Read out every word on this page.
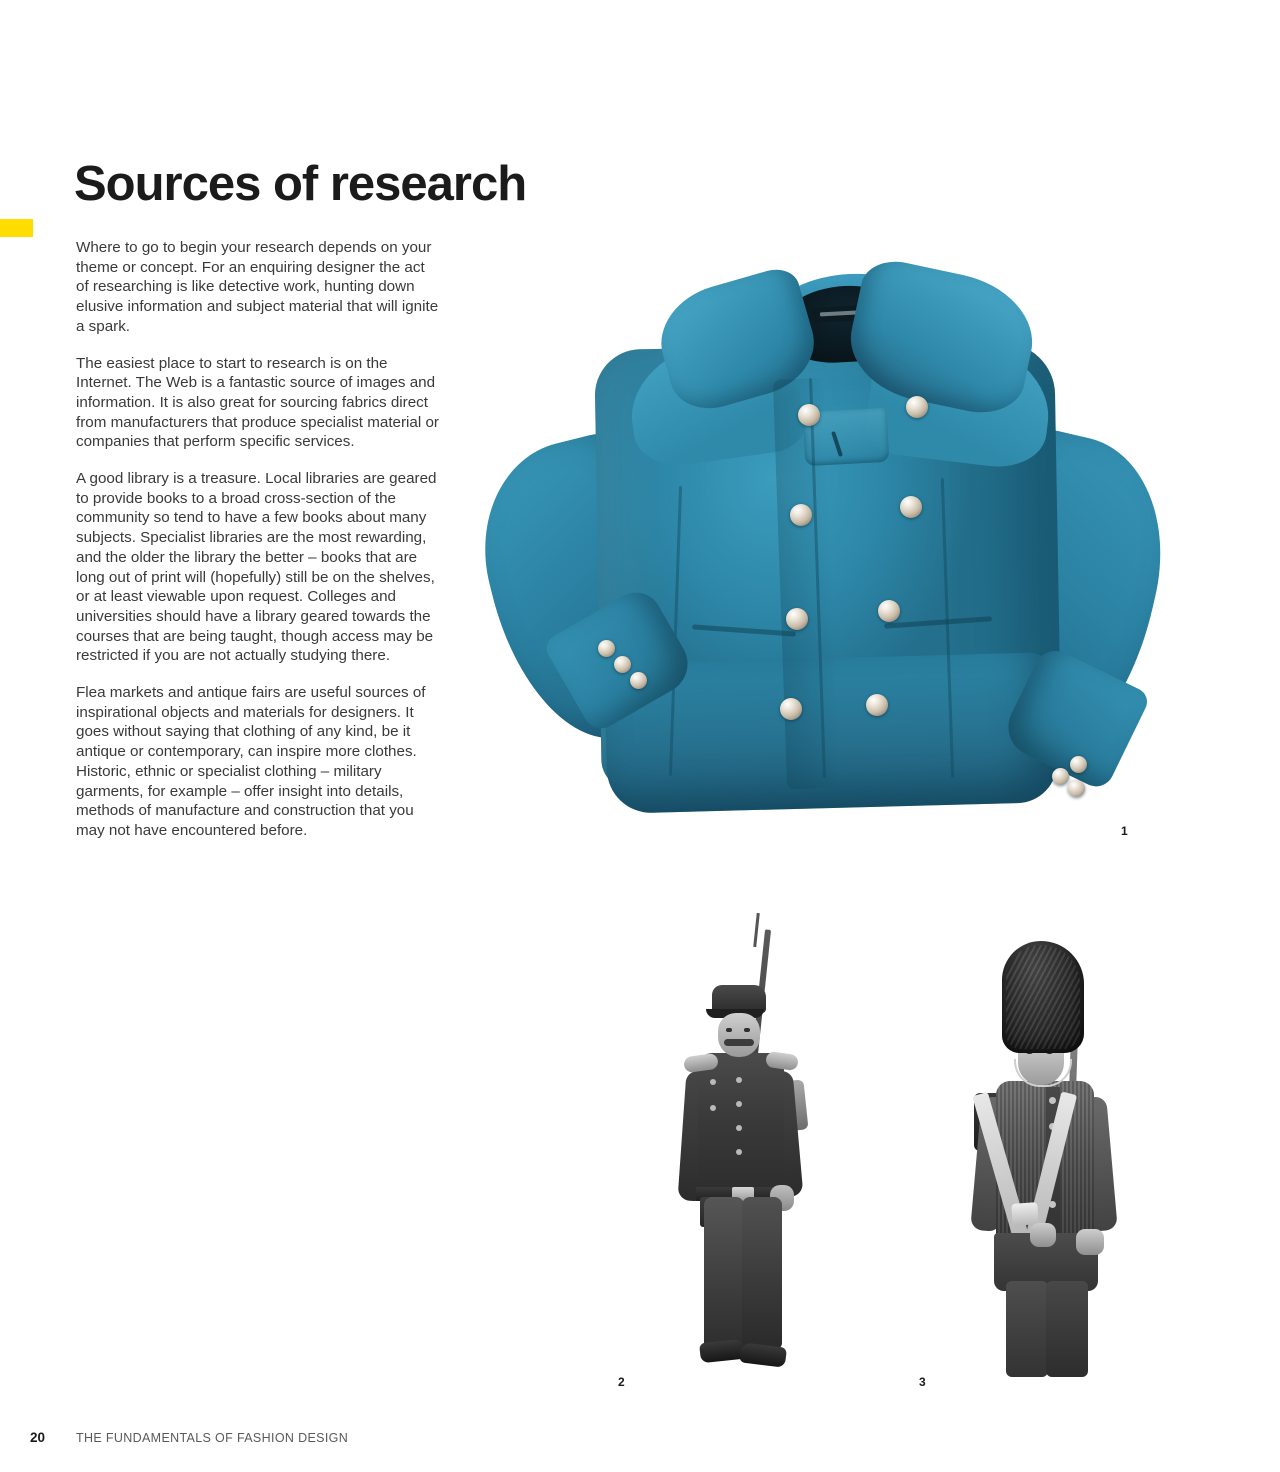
Sources of research

Where to go to begin your research depends on your theme or concept. For an enquiring designer the act of researching is like detective work, hunting down elusive information and subject material that will ignite a spark.

The easiest place to start to research is on the Internet. The Web is a fantastic source of images and information. It is also great for sourcing fabrics direct from manufacturers that produce specialist material or companies that perform specific services.

A good library is a treasure. Local libraries are geared to provide books to a broad cross-section of the community so tend to have a few books about many subjects. Specialist libraries are the most rewarding, and the older the library the better – books that are long out of print will (hopefully) still be on the shelves, or at least viewable upon request. Colleges and universities should have a library geared towards the courses that are being taught, though access may be restricted if you are not actually studying there.

Flea markets and antique fairs are useful sources of inspirational objects and materials for designers. It goes without saying that clothing of any kind, be it antique or contemporary, can inspire more clothes. Historic, ethnic or specialist clothing – military garments, for example – offer insight into details, methods of manufacture and construction that you may not have encountered before.	1
2	3
20	THE FUNDAMENTALS OF FASHION DESIGN
